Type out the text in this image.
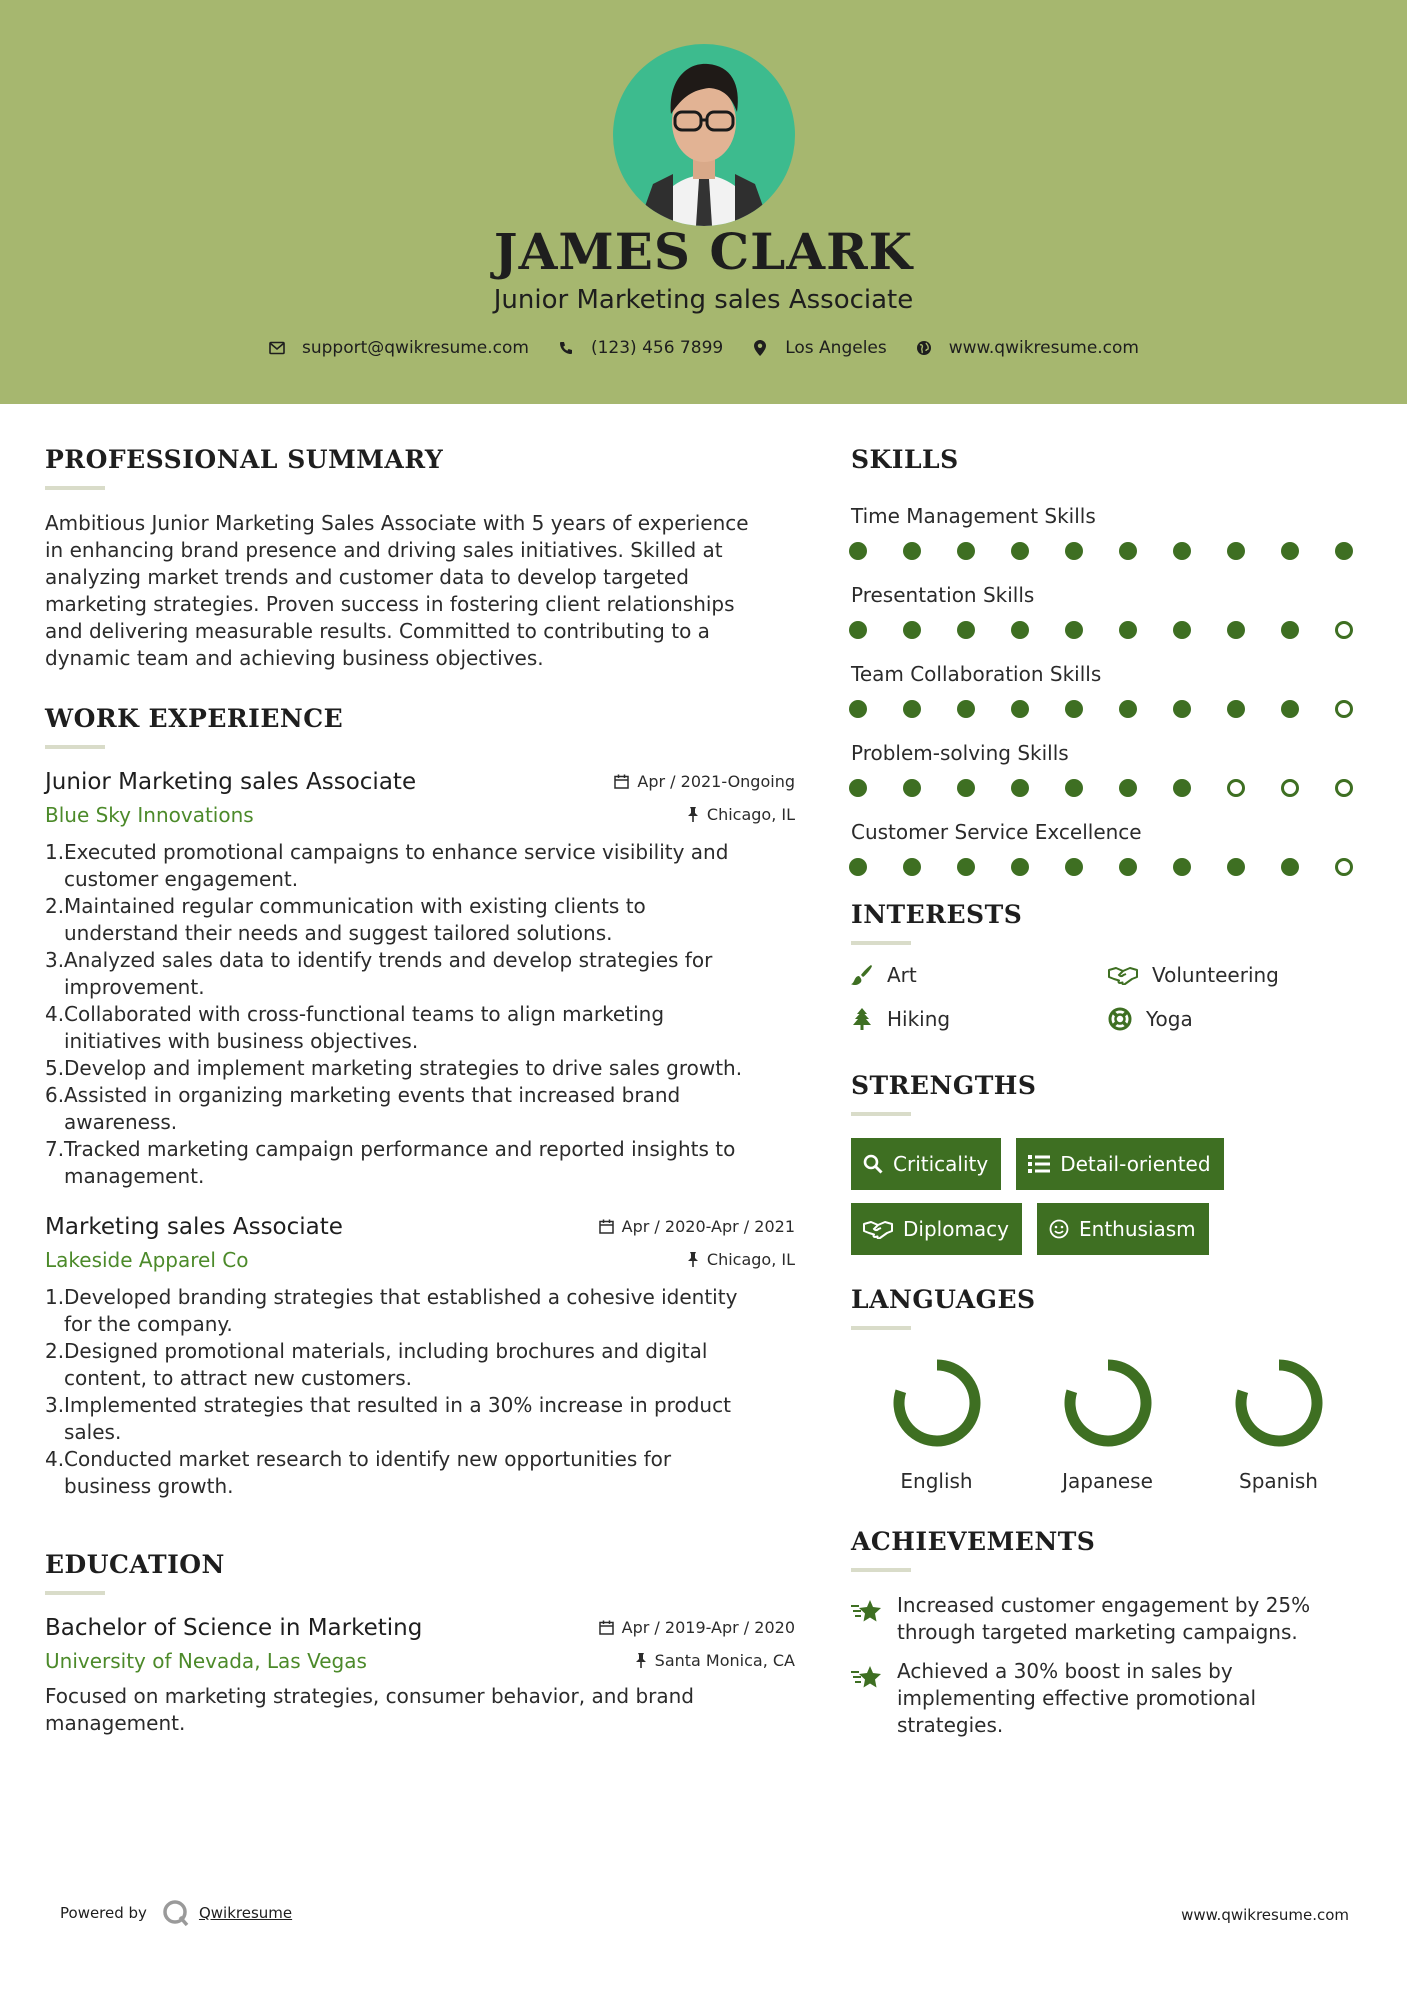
JAMES CLARK
Junior Marketing sales Associate
support@qwikresume.com	(123) 456 7899	Los Angeles	www.qwikresume.com
PROFESSIONAL SUMMARY
Ambitious Junior Marketing Sales Associate with 5 years of experience
in enhancing brand presence and driving sales initiatives. Skilled at
analyzing market trends and customer data to develop targeted
marketing strategies. Proven success in fostering client relationships
and delivering measurable results. Committed to contributing to a
dynamic team and achieving business objectives.
WORK EXPERIENCE
Junior Marketing sales Associate	Apr / 2021-Ongoing
Blue Sky Innovations	Chicago, IL
1. Executed promotional campaigns to enhance service visibility and
customer engagement.
2. Maintained regular communication with existing clients to
understand their needs and suggest tailored solutions.
3. Analyzed sales data to identify trends and develop strategies for
improvement.
4. Collaborated with cross-functional teams to align marketing
initiatives with business objectives.
5. Develop and implement marketing strategies to drive sales growth.
6. Assisted in organizing marketing events that increased brand
awareness.
7. Tracked marketing campaign performance and reported insights to
management.
Marketing sales Associate	Apr / 2020-Apr / 2021
Lakeside Apparel Co	Chicago, IL
1. Developed branding strategies that established a cohesive identity
for the company.
2. Designed promotional materials, including brochures and digital
content, to attract new customers.
3. Implemented strategies that resulted in a 30% increase in product
sales.
4. Conducted market research to identify new opportunities for
business growth.
EDUCATION
Bachelor of Science in Marketing	Apr / 2019-Apr / 2020
University of Nevada, Las Vegas	Santa Monica, CA
Focused on marketing strategies, consumer behavior, and brand
management.
SKILLS
Time Management Skills
Presentation Skills
Team Collaboration Skills
Problem-solving Skills
Customer Service Excellence
INTERESTS
Art	Volunteering
Hiking	Yoga
STRENGTHS
Criticality	Detail-oriented
Diplomacy	Enthusiasm
LANGUAGES
English	Japanese	Spanish
ACHIEVEMENTS
Increased customer engagement by 25%
through targeted marketing campaigns.
Achieved a 30% boost in sales by
implementing effective promotional
strategies.
Powered by	Qwikresume	www.qwikresume.com
